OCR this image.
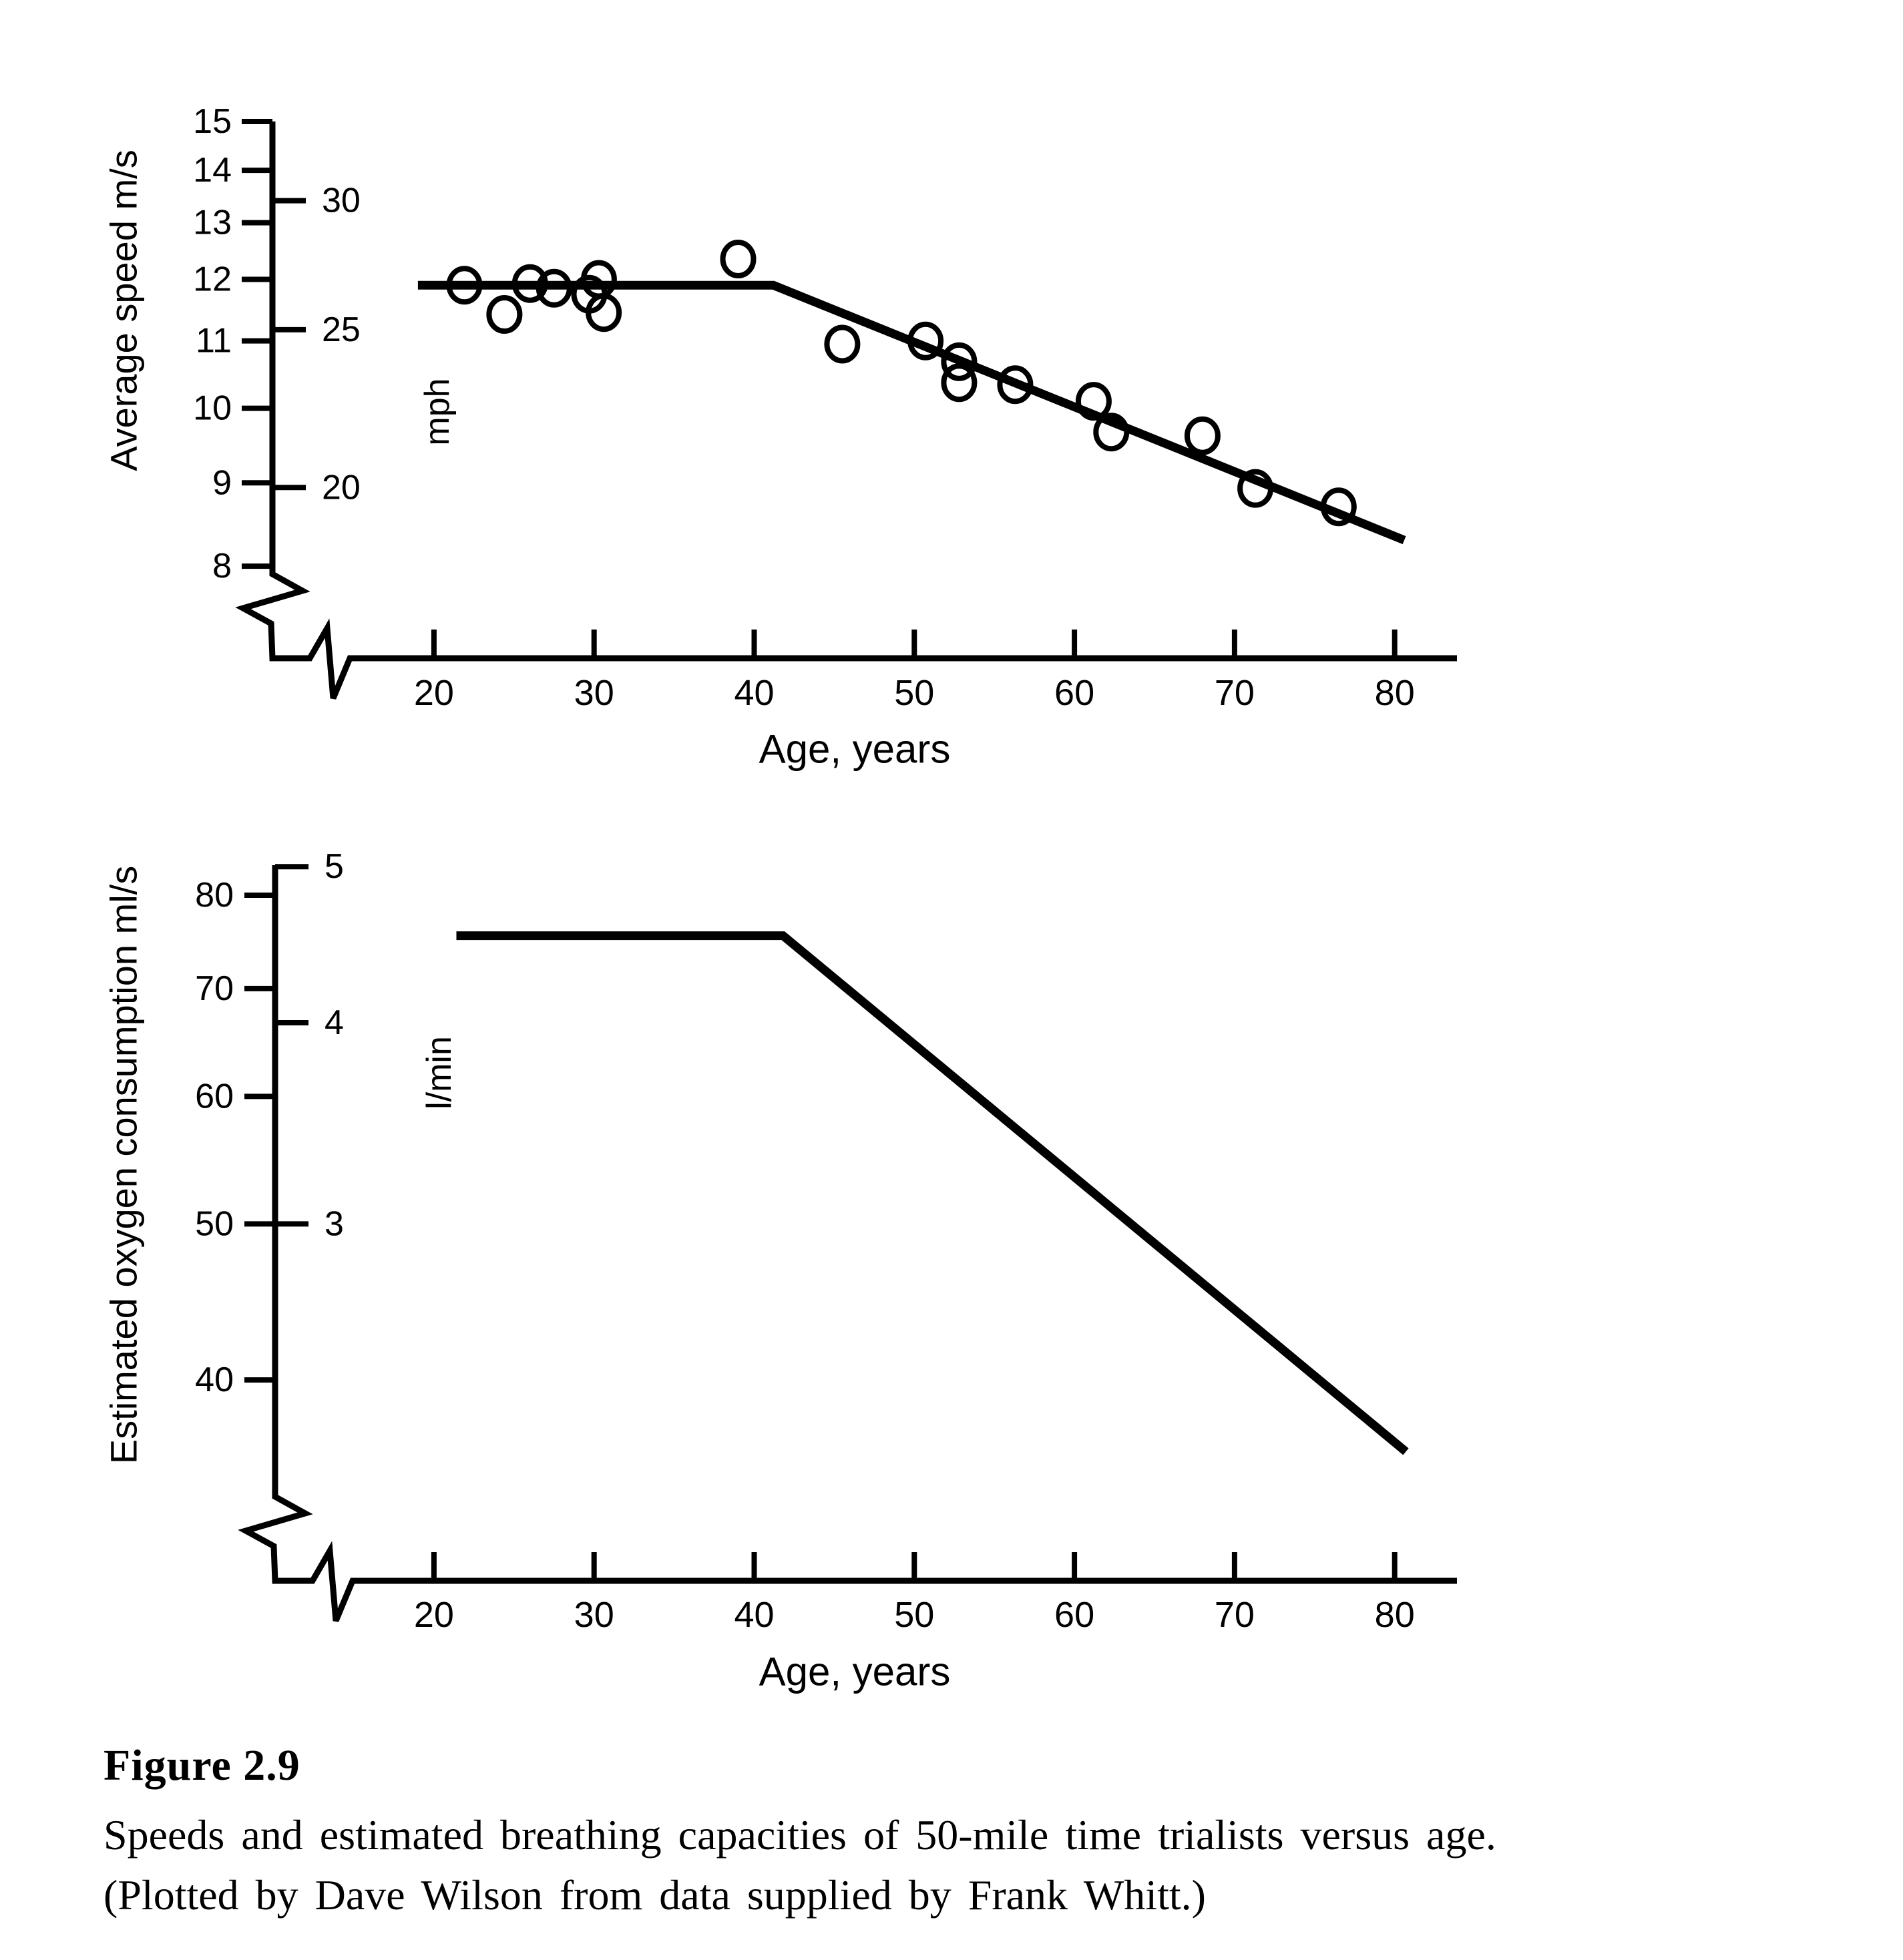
15
14
13
12
11
10
9
8
30
25
20
20	30	40	50	60	70	80
Average speed m/s	mph
Age, years
80
70
60
50
40
5
4
3
20	30	40	50	60	70	80
Estimated oxygen consumption ml/s	l/min
Age, years

Figure 2.9

Speeds and estimated breathing capacities of 50-mile time trialists versus age.

(Plotted by Dave Wilson from data supplied by Frank Whitt.)
